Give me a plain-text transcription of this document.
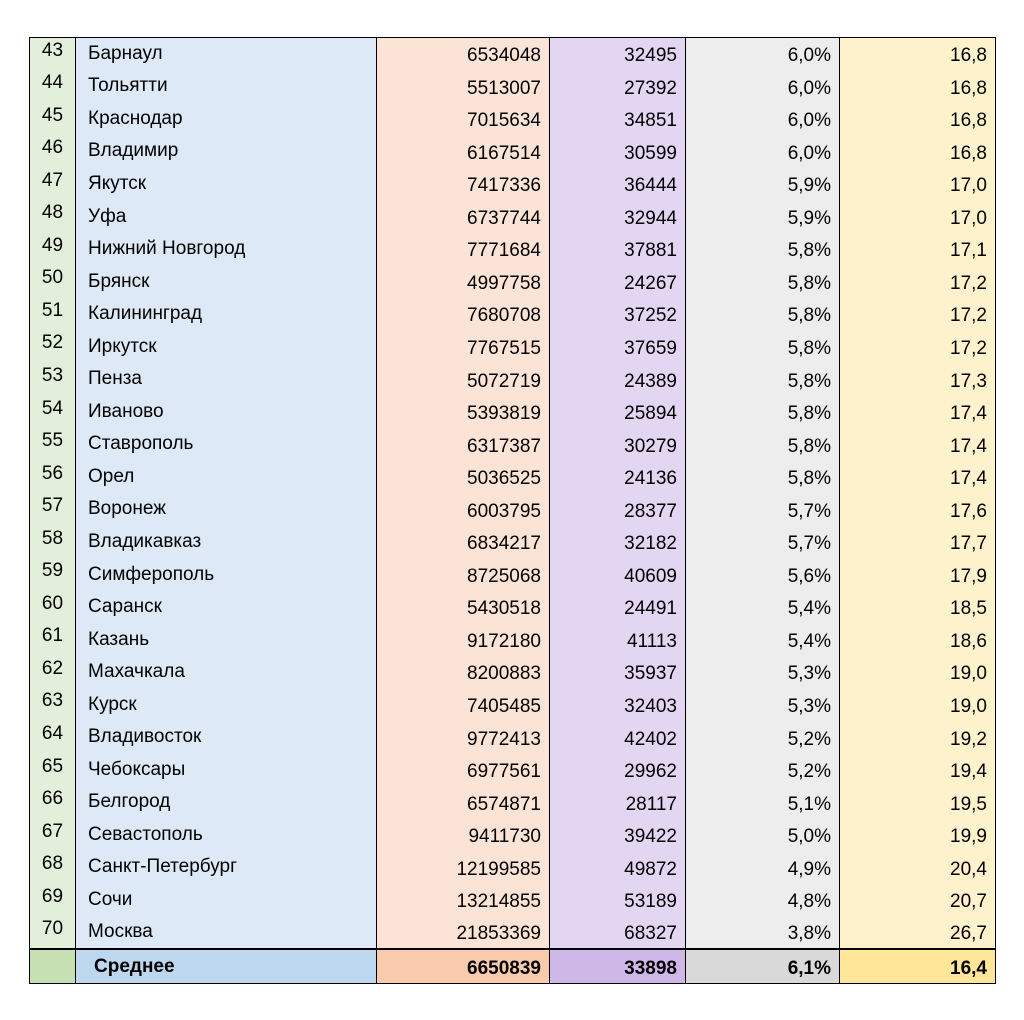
43	Барнаул	6534048	32495	6,0%	16,8
44	Тольятти	5513007	27392	6,0%	16,8
45	Краснодар	7015634	34851	6,0%	16,8
46	Владимир	6167514	30599	6,0%	16,8
47	Якутск	7417336	36444	5,9%	17,0
48	Уфа	6737744	32944	5,9%	17,0
49	Нижний Новгород	7771684	37881	5,8%	17,1
50	Брянск	4997758	24267	5,8%	17,2
51	Калининград	7680708	37252	5,8%	17,2
52	Иркутск	7767515	37659	5,8%	17,2
53	Пенза	5072719	24389	5,8%	17,3
54	Иваново	5393819	25894	5,8%	17,4
55	Ставрополь	6317387	30279	5,8%	17,4
56	Орел	5036525	24136	5,8%	17,4
57	Воронеж	6003795	28377	5,7%	17,6
58	Владикавказ	6834217	32182	5,7%	17,7
59	Симферополь	8725068	40609	5,6%	17,9
60	Саранск	5430518	24491	5,4%	18,5
61	Казань	9172180	41113	5,4%	18,6
62	Махачкала	8200883	35937	5,3%	19,0
63	Курск	7405485	32403	5,3%	19,0
64	Владивосток	9772413	42402	5,2%	19,2
65	Чебоксары	6977561	29962	5,2%	19,4
66	Белгород	6574871	28117	5,1%	19,5
67	Севастополь	9411730	39422	5,0%	19,9
68	Санкт-Петербург	12199585	49872	4,9%	20,4
69	Сочи	13214855	53189	4,8%	20,7
70	Москва	21853369	68327	3,8%	26,7
	Среднее	6650839	33898	6,1%	16,4
